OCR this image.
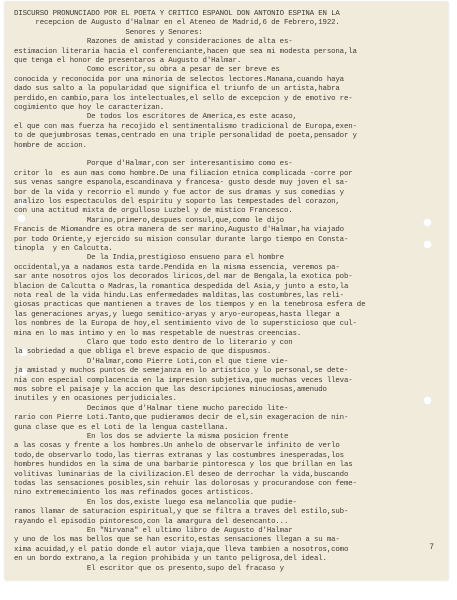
DISCURSO PRONUNCIADO POR EL POETA Y CRITICO ESPANOL DON ANTONIO ESPINA EN LA
recepcion de Augusto d'Halmar en el Ateneo de Madrid,6 de Febrero,1922.
Senores y Senores:
Razones de amistad y consideraciones de alta es-
estimacion literaria hacia el conferenciante,hacen que sea mi modesta persona,la
que tenga el honor de presentaros a Augusto d'Halmar.
Como escritor,su obra a pesar de ser breve es
conocida y reconocida por una minoria de selectos lectores.Manana,cuando haya
dado sus salto a la popularidad que significa el triunfo de un artista,habra
perdido,en cambio,para los intelectuales,el sello de excepcion y de emotivo re-
cogimiento que hoy le caracterizan.
De todos los escritores de America,es este acaso,
el que con mas fuerza ha recojido el sentimentalismo tradicional de Europa,exen-
to de quejumbrosas temas,centrado en una triple personalidad de poeta,pensador y
hombre de accion.
Porque d'Halmar,con ser interesantisimo como es-
critor lo  es aun mas como hombre.De una filiacion etnica complicada -corre por
sus venas sangre espanola,escandinava y francesa- gusto desde muy joven el sa-
bor de la vida y recorrio el mundo y fue actor de sus dramas y sus comedias y
analizo los espectaculos del espiritu y soporto las tempestades del corazon,
con una actitud mixta de orgulloso Luzbel y de mistico Francesco.
Marino,primero,despues consul,que,como le dijo
Francis de Miomandre es otra manera de ser marino,Augusto d'Halmar,ha viajado
por todo Oriente,y ejercido su mision consular durante largo tiempo en Consta-
tinopla  y en Calcutta.
De la India,prestigioso ensueno para el hombre
occidental,ya a nadamos esta tarde.Pendida en la misma essencia, veremos pa-
sar ante nosotros ojos los decorados liricos,del mar de Bengala,la exotica pob-
blacion de Calcutta o Madras,la romantica despedida del Asia,y junto a esto,la
nota real de la vida hindu.Las enfermedades malditas,las costumbres,las reli-
giosas practicas que mantienen a traves de los tiempos y en la tenebrosa esfera de
las generaciones aryas,y luego semitico-aryas y aryo-europeas,hasta llegar a
los nombres de la Europa de hoy,el sentimiento vivo de lo supersticioso que cul-
mina en lo mas intimo y en lo mas respetable de nuestras creencias.
Claro que todo esto dentro de lo literario y con
la sobriedad a que obliga el breve espacio de que dispusmos.
D'Halmar,como Pierre Loti,con el que tiene vie-
ja amistad y muchos puntos de semejanza en lo artistico y lo personal,se dete-
nia con especial complacencia en la impresion subjetiva,que muchas veces lleva-
mos sobre el paisaje y la accion que las descripciones minuciosas,amenudo
inutiles y en ocasiones perjudiciales.
Decimos que d'Halmar tiene mucho parecido lite-
rario con Pierre Loti.Tanto,que pudieramos decir de el,sin exageracion de nin-
guna clase que es el Loti de la lengua castellana.
En los dos se advierte la misma posicion frente
a las cosas y frente a los hombres.Un anhelo de observarle infinito de verlo
todo,de observarlo todo,las tierras extranas y las costumbres inesperadas,los
hombres hundidos en la sima de una barbarie pintoresca y los que brillan en las
volitivas luminarias de la civilizacion.El deseo de derrochar la vida,buscando
todas las sensaciones posibles,sin rehuir las dolorosas y procurandose con feme-
nino extremecimiento los mas refinados goces artisticos.
En los dos,existe luego esa melancolia que pudie-
ramos llamar de saturacion espiritual,y que se filtra a traves del estilo,sub-
rayando el episodio pintoresco,con la amargura del desencanto...
En "Nirvana" el ultimo libro de Augusto d'Halmar
y uno de los mas bellos que se han escrito,estas sensaciones llegan a su ma-
xima acuidad,y el patio donde el autor viaja,que lleva tambien a nosotros,como
en un bordo extrano,a la region prohibida y un tanto peligrosa,del ideal.
El escritor que os presento,supo del fracaso y
7
